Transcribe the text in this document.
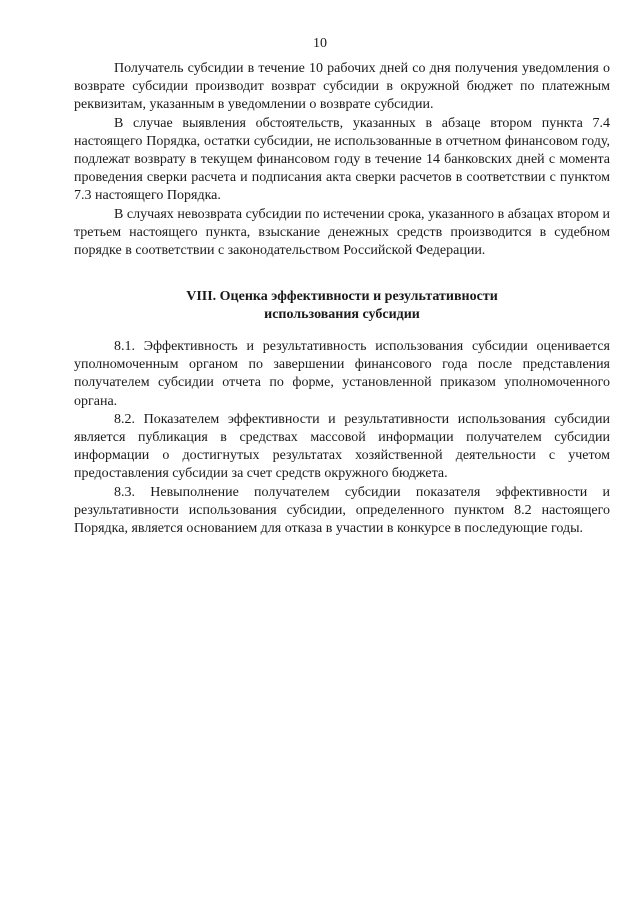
10

Получатель субсидии в течение 10 рабочих дней со дня получения уведомления о возврате субсидии производит возврат субсидии в окружной бюджет по платежным реквизитам, указанным в уведомлении о возврате субсидии.

В случае выявления обстоятельств, указанных в абзаце втором пункта 7.4 настоящего Порядка, остатки субсидии, не использованные в отчетном финансовом году, подлежат возврату в текущем финансовом году в течение 14 банковских дней с момента проведения сверки расчета и подписания акта сверки расчетов в соответствии с пунктом 7.3 настоящего Порядка.

В случаях невозврата субсидии по истечении срока, указанного в абзацах втором и третьем настоящего пункта, взыскание денежных средств производится в судебном порядке в соответствии с законодательством Российской Федерации.

VIII. Оценка эффективности и результативности
использования субсидии

8.1. Эффективность и результативность использования субсидии оценивается уполномоченным органом по завершении финансового года после представления получателем субсидии отчета по форме, установленной приказом уполномоченного органа.

8.2. Показателем эффективности и результативности использования субсидии является публикация в средствах массовой информации получателем субсидии информации о достигнутых результатах хозяйственной деятельности с учетом предоставления субсидии за счет средств окружного бюджета.

8.3. Невыполнение получателем субсидии показателя эффективности и результативности использования субсидии, определенного пунктом 8.2 настоящего Порядка, является основанием для отказа в участии в конкурсе в последующие годы.
